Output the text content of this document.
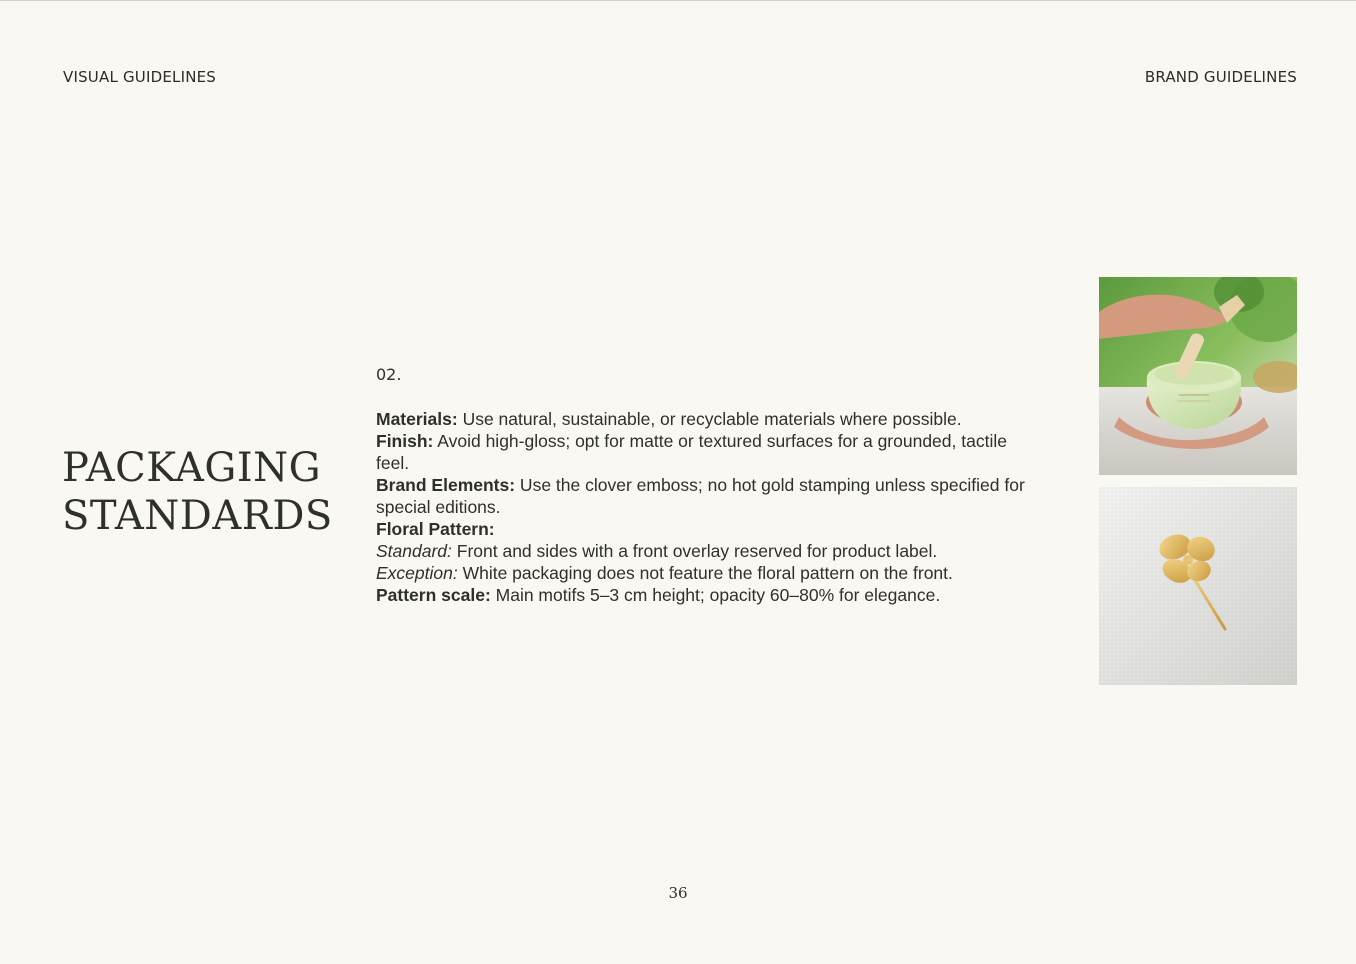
VISUAL GUIDELINES	BRAND GUIDELINES
PACKAGING
STANDARDS
02.

Materials: Use natural, sustainable, or recyclable materials where possible.

Finish: Avoid high-gloss; opt for matte or textured surfaces for a grounded, tactile feel.

Brand Elements: Use the clover emboss; no hot gold stamping unless specified for special editions.

Floral Pattern:

Standard: Front and sides with a front overlay reserved for product label.

Exception: White packaging does not feature the floral pattern on the front.

Pattern scale: Main motifs 5–3 cm height; opacity 60–80% for elegance.

36
